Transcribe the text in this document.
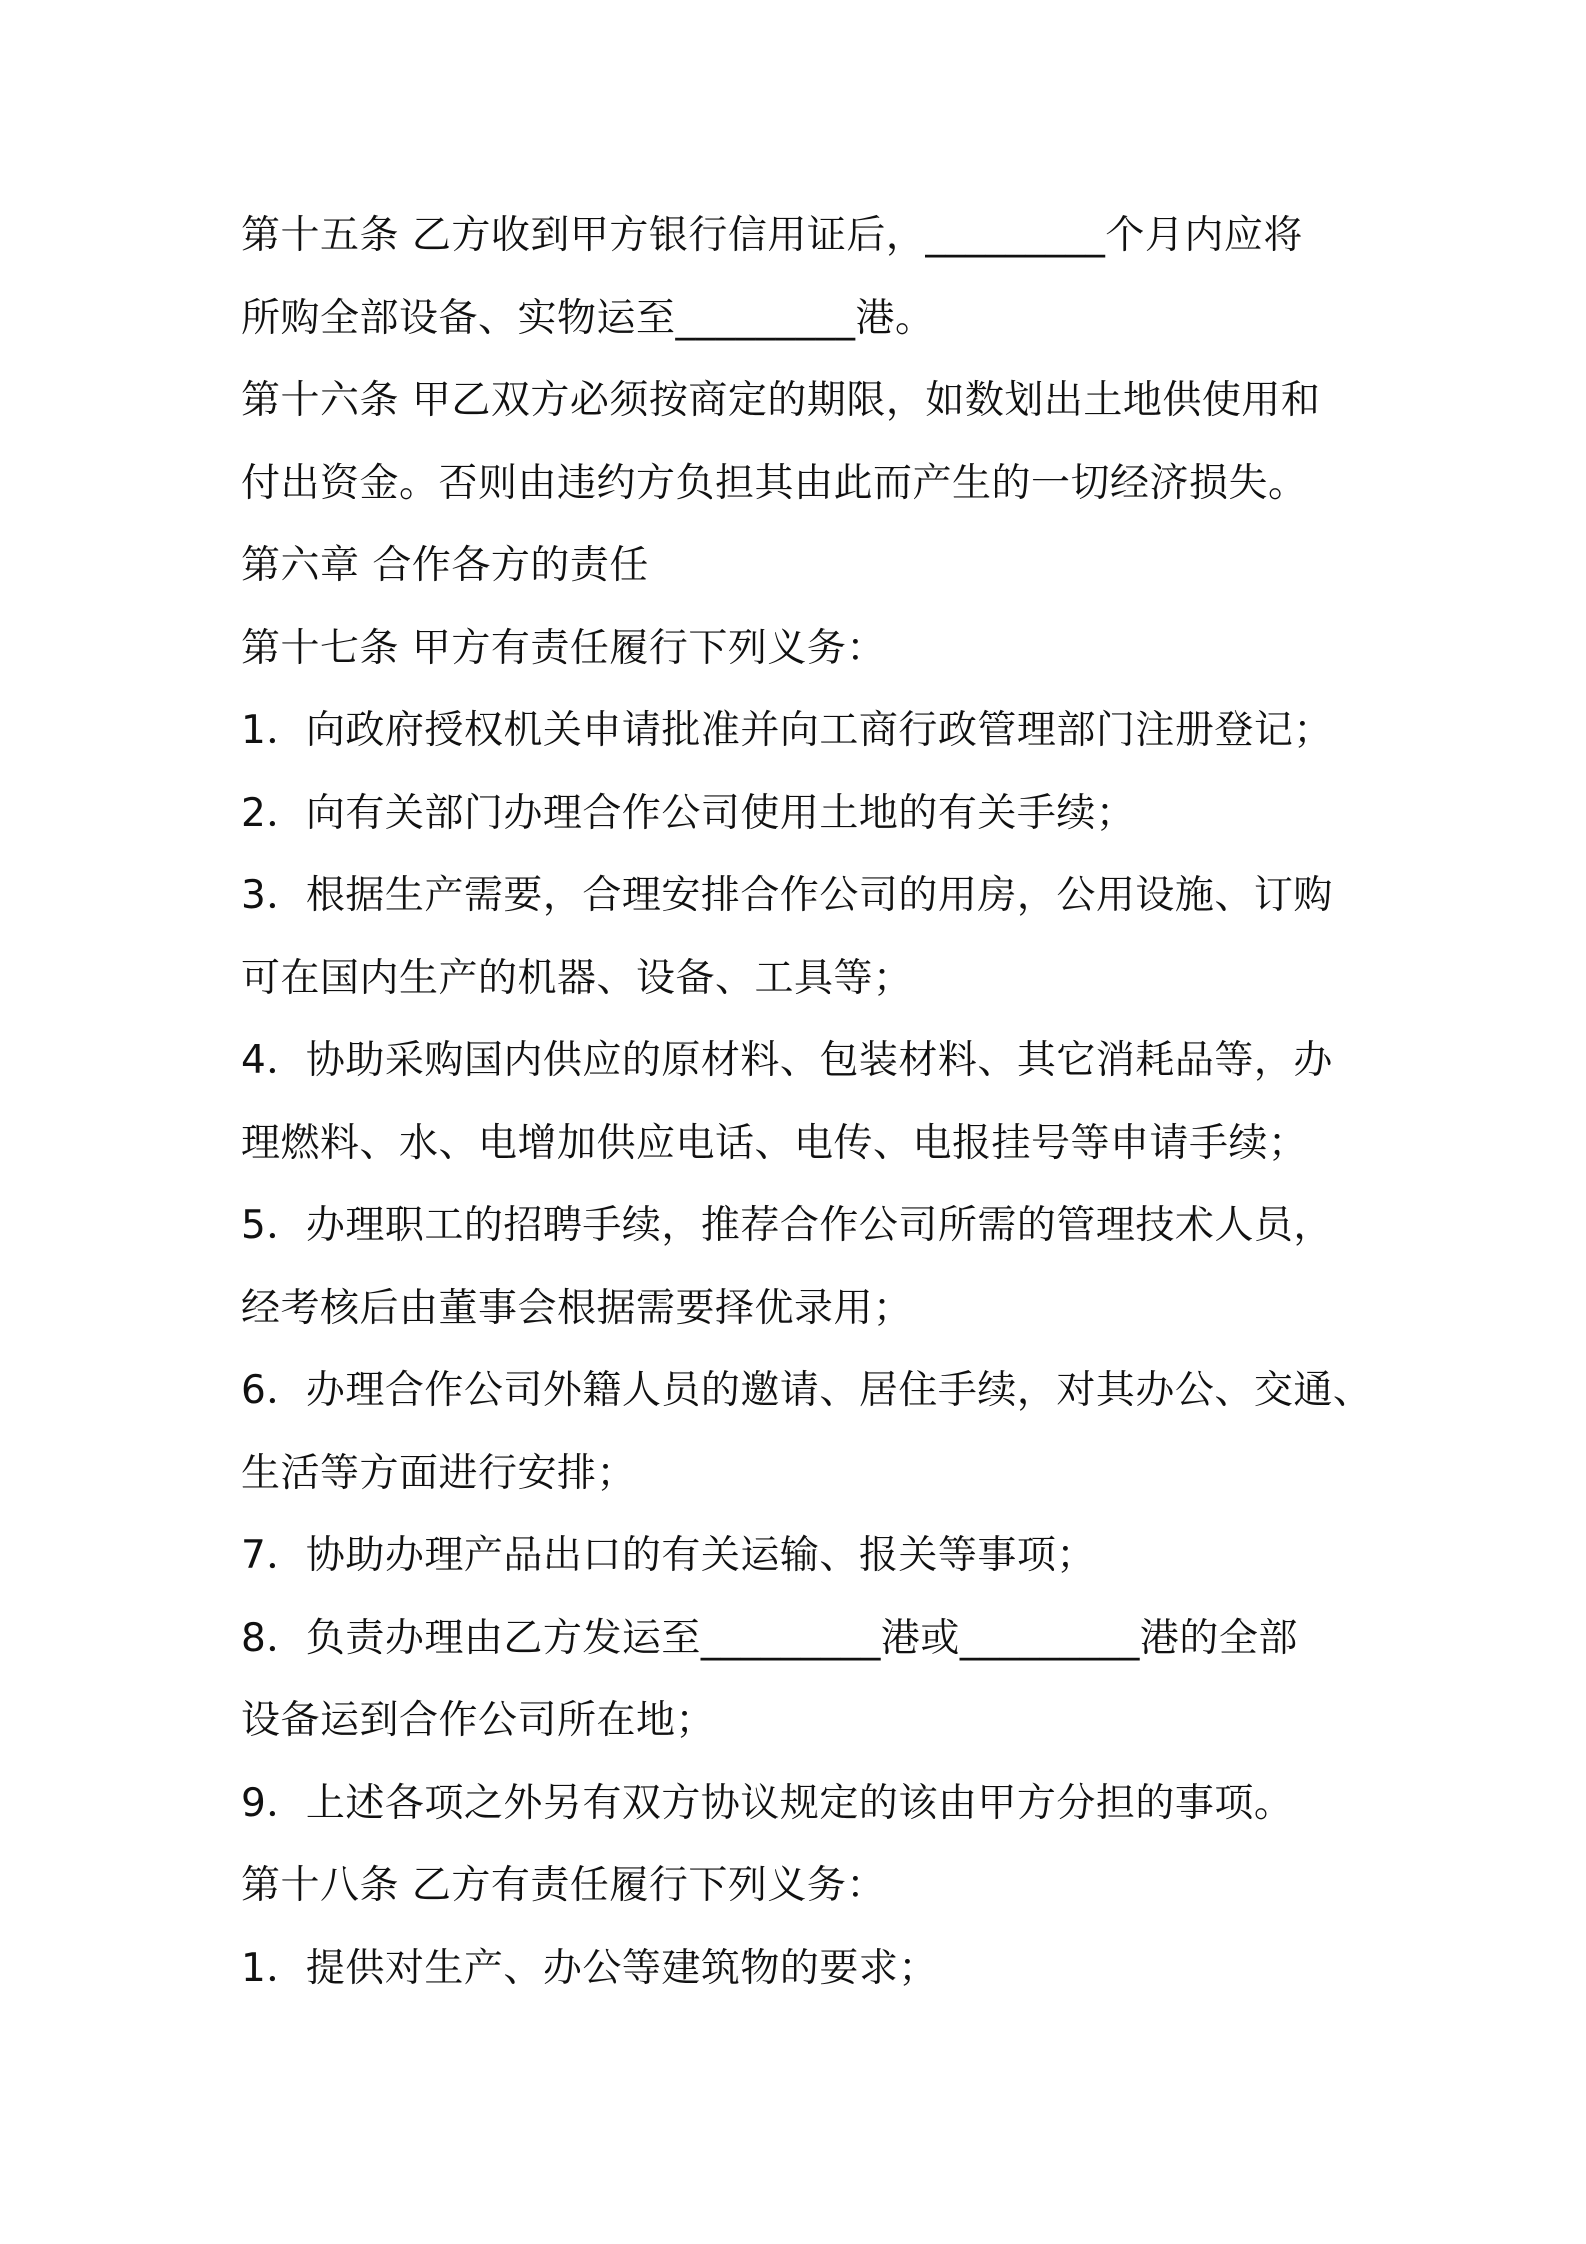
第十五条 乙方收到甲方银行信用证后，_________个月内应将
所购全部设备、实物运至_________港。
第十六条 甲乙双方必须按商定的期限，如数划出土地供使用和
付出资金。否则由违约方负担其由此而产生的一切经济损失。
第六章 合作各方的责任
第十七条 甲方有责任履行下列义务：
1．向政府授权机关申请批准并向工商行政管理部门注册登记；
2．向有关部门办理合作公司使用土地的有关手续；
3．根据生产需要，合理安排合作公司的用房，公用设施、订购
可在国内生产的机器、设备、工具等；
4．协助采购国内供应的原材料、包装材料、其它消耗品等，办
理燃料、水、电增加供应电话、电传、电报挂号等申请手续；
5．办理职工的招聘手续，推荐合作公司所需的管理技术人员，
经考核后由董事会根据需要择优录用；
6．办理合作公司外籍人员的邀请、居住手续，对其办公、交通、
生活等方面进行安排；
7．协助办理产品出口的有关运输、报关等事项；
8．负责办理由乙方发运至_________港或_________港的全部
设备运到合作公司所在地；
9．上述各项之外另有双方协议规定的该由甲方分担的事项。
第十八条 乙方有责任履行下列义务：
1．提供对生产、办公等建筑物的要求；
